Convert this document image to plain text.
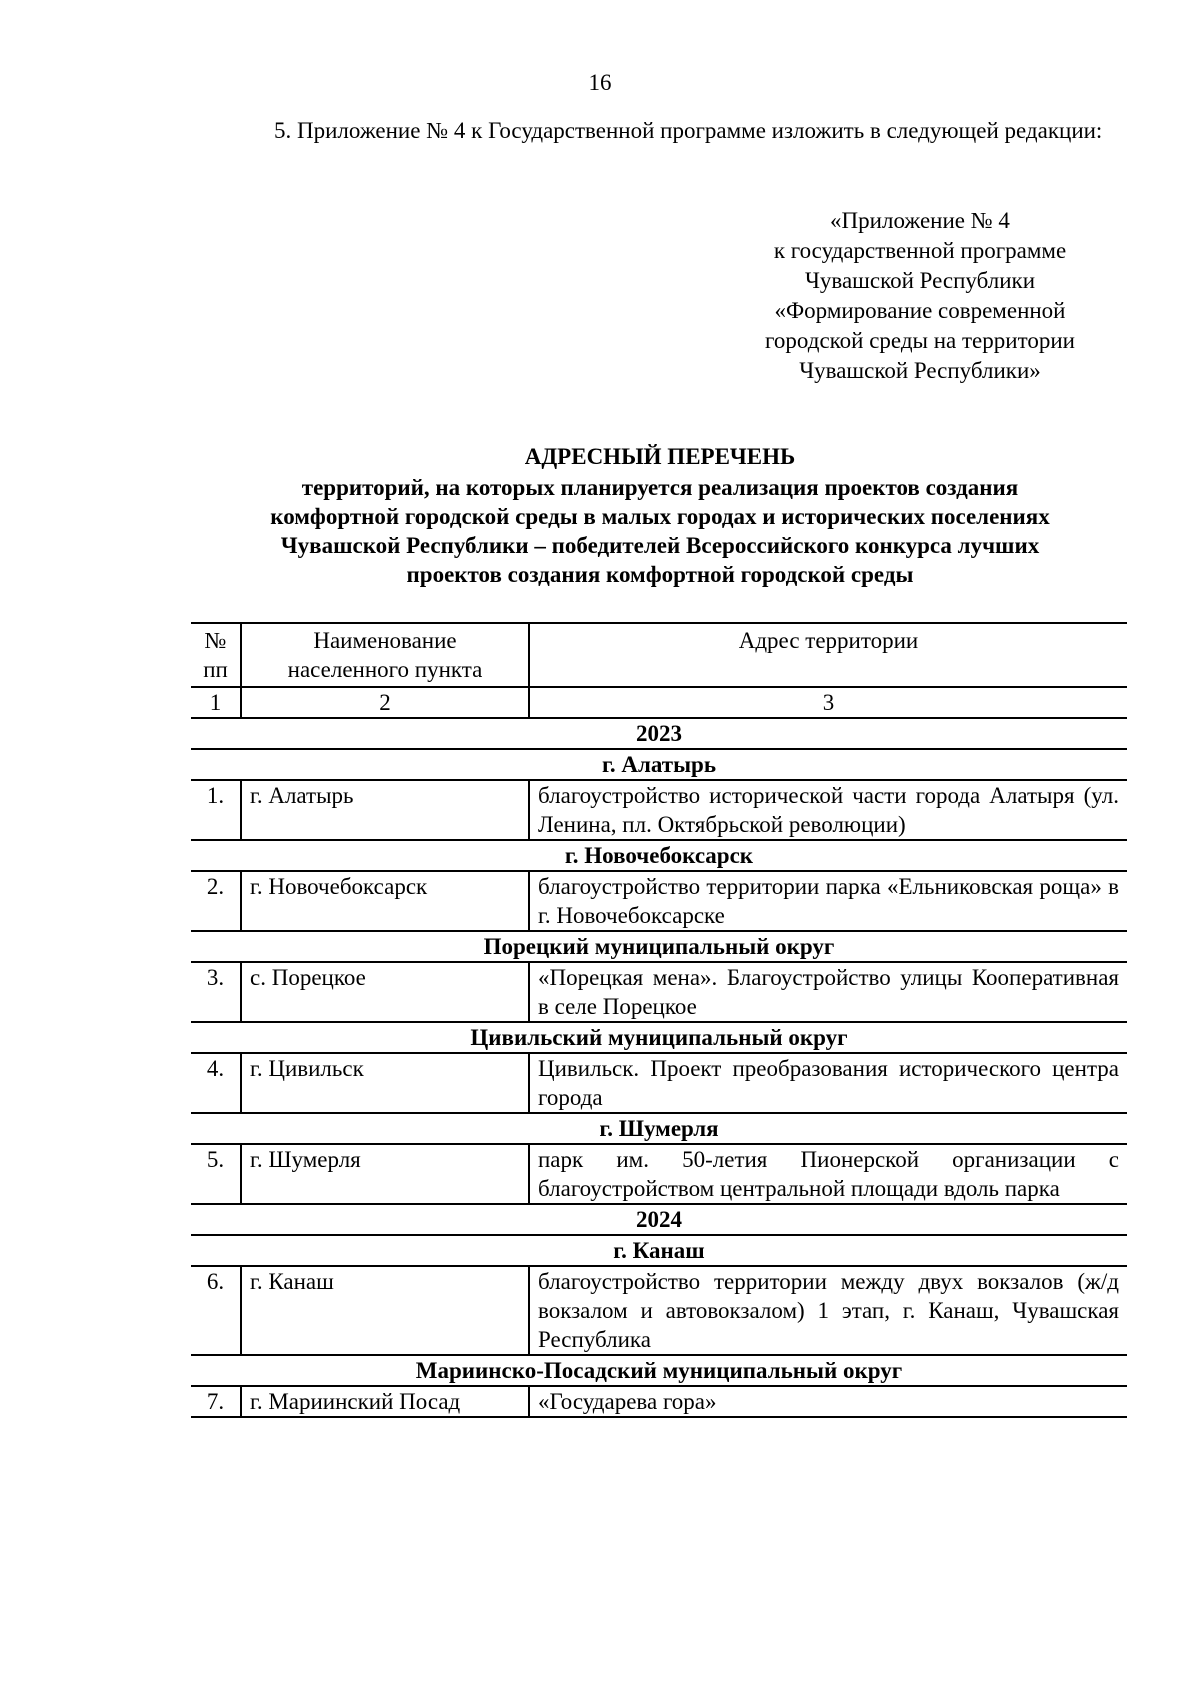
16

5. Приложение № 4 к Государственной программе изложить в следующей редакции:

«Приложение № 4
к государственной программе
Чувашской Республики
«Формирование современной
городской среды на территории
Чувашской Республики»
АДРЕСНЫЙ ПЕРЕЧЕНЬ
территорий, на которых планируется реализация проектов создания
комфортной городской среды в малых городах и исторических поселениях
Чувашской Республики – победителей Всероссийского конкурса лучших
проектов создания комфортной городской среды
№ пп	Наименование населенного пункта	Адрес территории
1	2	3
2023		
г. Алатырь		
1.	г. Алатырь	благоустройство исторической части города Алатыря (ул. Ленина, пл. Октябрьской революции)
г. Новочебоксарск		
2.	г. Новочебоксарск	благоустройство территории парка «Ельниковская роща» в г. Новочебоксарске
Порецкий муниципальный округ		
3.	с. Порецкое	«Порецкая мена». Благоустройство улицы Кооперативная в селе Порецкое
Цивильский муниципальный округ		
4.	г. Цивильск	Цивильск. Проект преобразования исторического центра города
г. Шумерля		
5.	г. Шумерля	парк им. 50-летия Пионерской организации с благоустройством центральной площади вдоль парка
2024		
г. Канаш		
6.	г. Канаш	благоустройство территории между двух вокзалов (ж/д вокзалом и автовокзалом) 1 этап, г. Канаш, Чувашская Республика
Мариинско-Посадский муниципальный округ		
7.	г. Мариинский Посад	«Государева гора»
